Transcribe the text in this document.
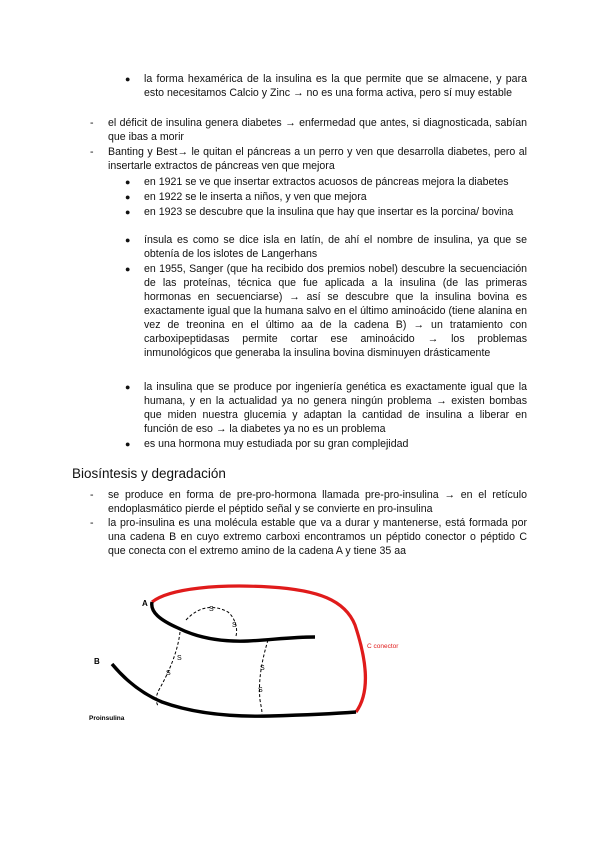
● la forma hexamérica de la insulina es la que permite que se almacene, y para esto necesitamos Calcio y Zinc → no es una forma activa, pero sí muy estable

- el déficit de insulina genera diabetes → enfermedad que antes, si diagnosticada, sabían que ibas a morir

- Banting y Best→ le quitan el páncreas a un perro y ven que desarrolla diabetes, pero al insertarle extractos de páncreas ven que mejora

● en 1921 se ve que insertar extractos acuosos de páncreas mejora la diabetes

● en 1922 se le inserta a niños, y ven que mejora

● en 1923 se descubre que la insulina que hay que insertar es la porcina/ bovina

● ínsula es como se dice isla en latín, de ahí el nombre de insulina, ya que se obtenía de los islotes de Langerhans

● en 1955, Sanger (que ha recibido dos premios nobel) descubre la secuenciación de las proteínas, técnica que fue aplicada a la insulina (de las primeras hormonas en secuenciarse) → así se descubre que la insulina bovina es exactamente igual que la humana salvo en el último aminoácido (tiene alanina en vez de treonina en el último aa de la cadena B) → un tratamiento con carboxipeptidasas permite cortar ese aminoácido → los problemas inmunológicos que generaba la insulina bovina disminuyen drásticamente

● la insulina que se produce por ingeniería genética es exactamente igual que la humana, y en la actualidad ya no genera ningún problema → existen bombas que miden nuestra glucemia y adaptan la cantidad de insulina a liberar en función de eso → la diabetes ya no es un problema

● es una hormona muy estudiada por su gran complejidad

Biosíntesis y degradación
- se produce en forma de pre-pro-hormona llamada pre-pro-insulina → en el retículo endoplasmático pierde el péptido señal y se convierte en pro-insulina

- la pro-insulina es una molécula estable que va a durar y mantenerse, está formada por una cadena B en cuyo extremo carboxi encontramos un péptido conector o péptido C que conecta con el extremo amino de la cadena A y tiene 35 aa

A
B
C conector
Proinsulina
S
S
S
S
S
S
